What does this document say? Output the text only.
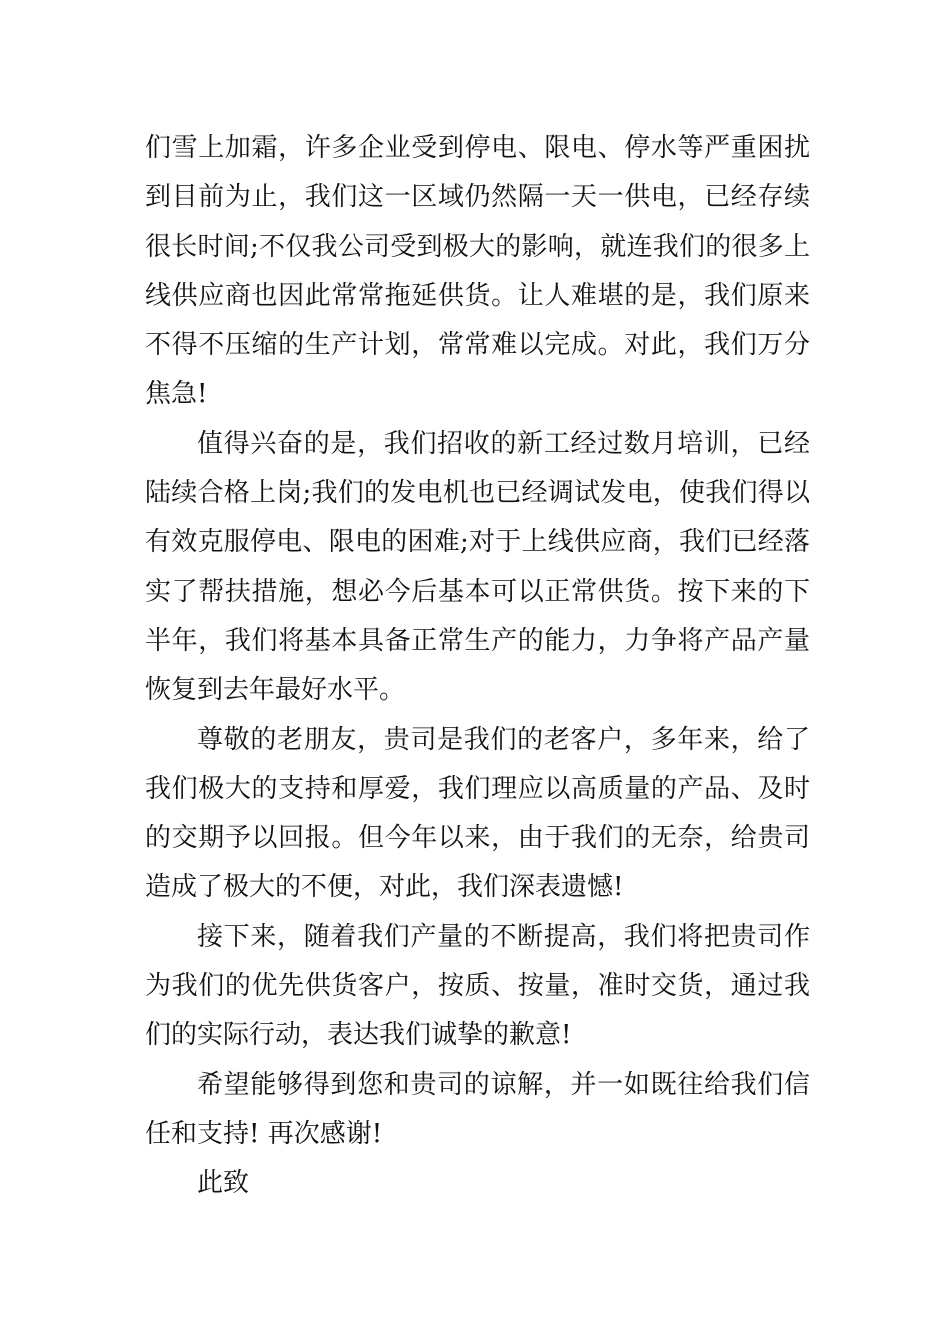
们雪上加霜，许多企业受到停电、限电、停水等严重困扰
到目前为止，我们这一区域仍然隔一天一供电，已经存续
很长时间;不仅我公司受到极大的影响，就连我们的很多上
线供应商也因此常常拖延供货。让人难堪的是，我们原来
不得不压缩的生产计划，常常难以完成。对此，我们万分
焦急!
值得兴奋的是，我们招收的新工经过数月培训，已经
陆续合格上岗;我们的发电机也已经调试发电，使我们得以
有效克服停电、限电的困难;对于上线供应商，我们已经落
实了帮扶措施，想必今后基本可以正常供货。按下来的下
半年，我们将基本具备正常生产的能力，力争将产品产量
恢复到去年最好水平。
尊敬的老朋友，贵司是我们的老客户，多年来，给了
我们极大的支持和厚爱，我们理应以高质量的产品、及时
的交期予以回报。但今年以来，由于我们的无奈，给贵司
造成了极大的不便，对此，我们深表遗憾!
接下来，随着我们产量的不断提高，我们将把贵司作
为我们的优先供货客户，按质、按量，准时交货，通过我
们的实际行动，表达我们诚挚的歉意!
希望能够得到您和贵司的谅解，并一如既往给我们信
任和支持! 再次感谢!
此致
